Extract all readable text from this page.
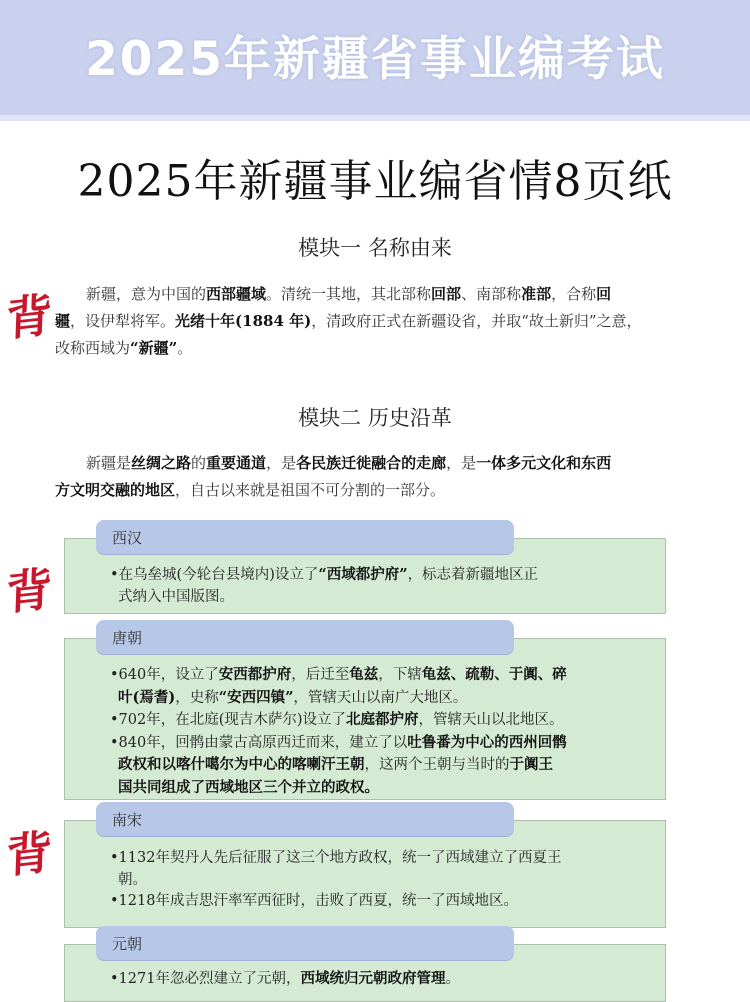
2025年新疆省事业编考试
2025年新疆事业编省情8页纸
模块一 名称由来
背	新疆，意为中国的西部疆域。清统一其地，其北部称回部、南部称准部，合称回
疆，设伊犁将军。光绪十年(1884 年)，清政府正式在新疆设省，并取“故土新归”之意，
改称西域为“新疆”。
模块二 历史沿革
新疆是丝绸之路的重要通道，是各民族迁徙融合的走廊，是一体多元文化和东西
方文明交融的地区，自古以来就是祖国不可分割的一部分。
背
背
西汉
•在乌垒城(今轮台县境内)设立了“西域都护府”，标志着新疆地区正
式纳入中国版图。
唐朝
•640年，设立了安西都护府，后迁至龟兹，下辖龟兹、疏勒、于阗、碎
叶(焉耆)，史称“安西四镇”，管辖天山以南广大地区。
•702年，在北庭(现吉木萨尔)设立了北庭都护府，管辖天山以北地区。
•840年，回鹘由蒙古高原西迁而来，建立了以吐鲁番为中心的西州回鹘
政权和以喀什噶尔为中心的喀喇汗王朝，这两个王朝与当时的于阗王
国共同组成了西域地区三个并立的政权。
南宋
•1132年契丹人先后征服了这三个地方政权，统一了西域建立了西夏王
朝。
•1218年成吉思汗率军西征时，击败了西夏，统一了西域地区。
元朝
•1271年忽必烈建立了元朝，西域统归元朝政府管理。
